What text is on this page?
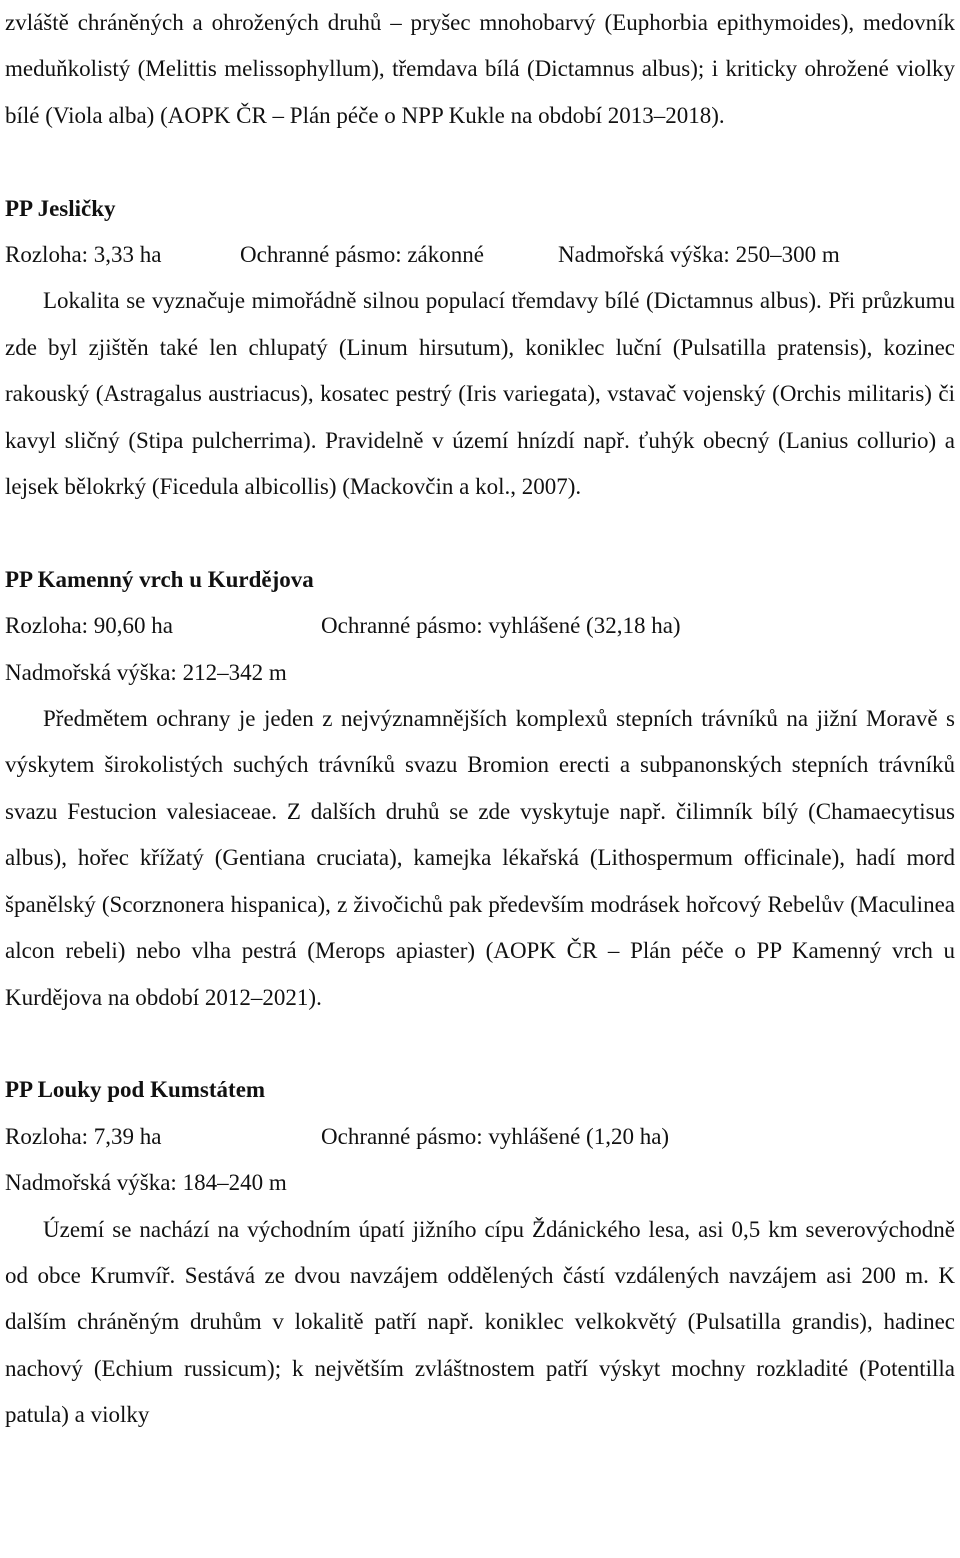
zvláště chráněných a ohrožených druhů – pryšec mnohobarvý (Euphorbia epithymoides), medovník meduňkolistý (Melittis melissophyllum), třemdava bílá (Dictamnus albus); i kriticky ohrožené violky bílé (Viola alba) (AOPK ČR – Plán péče o NPP Kukle na období 2013–2018).

PP Jesličky
Rozloha: 3,33 ha	Ochranné pásmo: zákonné	Nadmořská výška: 250–300 m

Lokalita se vyznačuje mimořádně silnou populací třemdavy bílé (Dictamnus albus). Při průzkumu zde byl zjištěn také len chlupatý (Linum hirsutum), koniklec luční (Pulsatilla pratensis), kozinec rakouský (Astragalus austriacus), kosatec pestrý (Iris variegata), vstavač vojenský (Orchis militaris) či kavyl sličný (Stipa pulcherrima). Pravidelně v území hnízdí např. ťuhýk obecný (Lanius collurio) a lejsek bělokrký (Ficedula albicollis) (Mackovčin a kol., 2007).

PP Kamenný vrch u Kurdějova
Rozloha: 90,60 ha	Ochranné pásmo: vyhlášené (32,18 ha)
Nadmořská výška: 212–342 m

Předmětem ochrany je jeden z nejvýznamnějších komplexů stepních trávníků na jižní Moravě s výskytem širokolistých suchých trávníků svazu Bromion erecti a subpanonských stepních trávníků svazu Festucion valesiaceae. Z dalších druhů se zde vyskytuje např. čilimník bílý (Chamaecytisus albus), hořec křížatý (Gentiana cruciata), kamejka lékařská (Lithospermum officinale), hadí mord španělský (Scorznonera hispanica), z živočichů pak především modrásek hořcový Rebelův (Maculinea alcon rebeli) nebo vlha pestrá (Merops apiaster) (AOPK ČR – Plán péče o PP Kamenný vrch u Kurdějova na období 2012–2021).

PP Louky pod Kumstátem
Rozloha: 7,39 ha	Ochranné pásmo: vyhlášené (1,20 ha)
Nadmořská výška: 184–240 m

Území se nachází na východním úpatí jižního cípu Ždánického lesa, asi 0,5 km severovýchodně od obce Krumvíř. Sestává ze dvou navzájem oddělených částí vzdálených navzájem asi 200 m. K dalším chráněným druhům v lokalitě patří např. koniklec velkokvětý (Pulsatilla grandis), hadinec nachový (Echium russicum); k největším zvláštnostem patří výskyt mochny rozkladité (Potentilla patula) a violky
